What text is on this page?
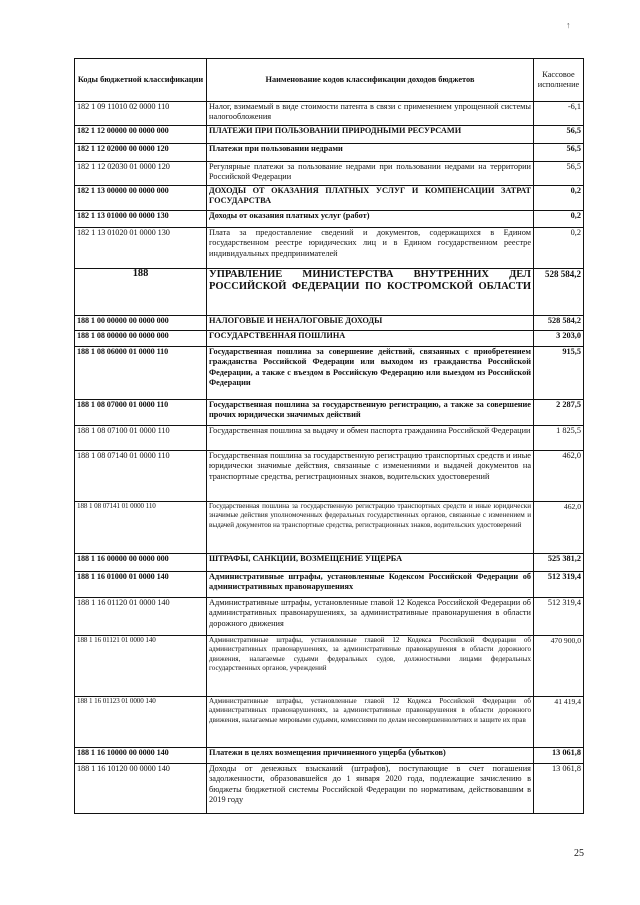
↑
Коды бюджетной классификации	Наименование кодов классификации доходов бюджетов	Кассовое исполнение
182 1 09 11010 02 0000 110	Налог, взимаемый в виде стоимости патента в связи с применением упрощенной системы налогообложения	-6,1
182 1 12 00000 00 0000 000	ПЛАТЕЖИ ПРИ ПОЛЬЗОВАНИИ ПРИРОДНЫМИ РЕСУРСАМИ	56,5
182 1 12 02000 00 0000 120	Платежи при пользовании недрами	56,5
182 1 12 02030 01 0000 120	Регулярные платежи за пользование недрами при пользовании недрами на территории Российской Федерации	56,5
182 1 13 00000 00 0000 000	ДОХОДЫ ОТ ОКАЗАНИЯ ПЛАТНЫХ УСЛУГ И КОМПЕНСАЦИИ ЗАТРАТ ГОСУДАРСТВА	0,2
182 1 13 01000 00 0000 130	Доходы от оказания платных услуг (работ)	0,2
182 1 13 01020 01 0000 130	Плата за предоставление сведений и документов, содержащихся в Едином государственном реестре юридических лиц и в Едином государственном реестре индивидуальных предпринимателей	0,2
188	УПРАВЛЕНИЕ МИНИСТЕРСТВА ВНУТРЕННИХ ДЕЛ РОССИЙСКОЙ ФЕДЕРАЦИИ ПО КОСТРОМСКОЙ ОБЛАСТИ	528 584,2
188 1 00 00000 00 0000 000	НАЛОГОВЫЕ И НЕНАЛОГОВЫЕ ДОХОДЫ	528 584,2
188 1 08 00000 00 0000 000	ГОСУДАРСТВЕННАЯ ПОШЛИНА	3 203,0
188 1 08 06000 01 0000 110	Государственная пошлина за совершение действий, связанных с приобретением гражданства Российской Федерации или выходом из гражданства Российской Федерации, а также с въездом в Российскую Федерацию или выездом из Российской Федерации	915,5
188 1 08 07000 01 0000 110	Государственная пошлина за государственную регистрацию, а также за совершение прочих юридически значимых действий	2 287,5
188 1 08 07100 01 0000 110	Государственная пошлина за выдачу и обмен паспорта гражданина Российской Федерации	1 825,5
188 1 08 07140 01 0000 110	Государственная пошлина за государственную регистрацию транспортных средств и иные юридически значимые действия, связанные с изменениями и выдачей документов на транспортные средства, регистрационных знаков, водительских удостоверений	462,0
188 1 08 07141 01 0000 110	Государственная пошлина за государственную регистрацию транспортных средств и иные юридически значимые действия уполномоченных федеральных государственных органов, связанные с изменением и выдачей документов на транспортные средства, регистрационных знаков, водительских удостоверений	462,0
188 1 16 00000 00 0000 000	ШТРАФЫ, САНКЦИИ, ВОЗМЕЩЕНИЕ УЩЕРБА	525 381,2
188 1 16 01000 01 0000 140	Административные штрафы, установленные Кодексом Российской Федерации об административных правонарушениях	512 319,4
188 1 16 01120 01 0000 140	Административные штрафы, установленные главой 12 Кодекса Российской Федерации об административных правонарушениях, за административные правонарушения в области дорожного движения	512 319,4
188 1 16 01121 01 0000 140	Административные штрафы, установленные главой 12 Кодекса Российской Федерации об административных правонарушениях, за административные правонарушения в области дорожного движения, налагаемые судьями федеральных судов, должностными лицами федеральных государственных органов, учреждений	470 900,0
188 1 16 01123 01 0000 140	Административные штрафы, установленные главой 12 Кодекса Российской Федерации об административных правонарушениях, за административные правонарушения в области дорожного движения, налагаемые мировыми судьями, комиссиями по делам несовершеннолетних и защите их прав	41 419,4
188 1 16 10000 00 0000 140	Платежи в целях возмещения причиненного ущерба (убытков)	13 061,8
188 1 16 10120 00 0000 140	Доходы от денежных взысканий (штрафов), поступающие в счет погашения задолженности, образовавшейся до 1 января 2020 года, подлежащие зачислению в бюджеты бюджетной системы Российской Федерации по нормативам, действовавшим в 2019 году	13 061,8
25
